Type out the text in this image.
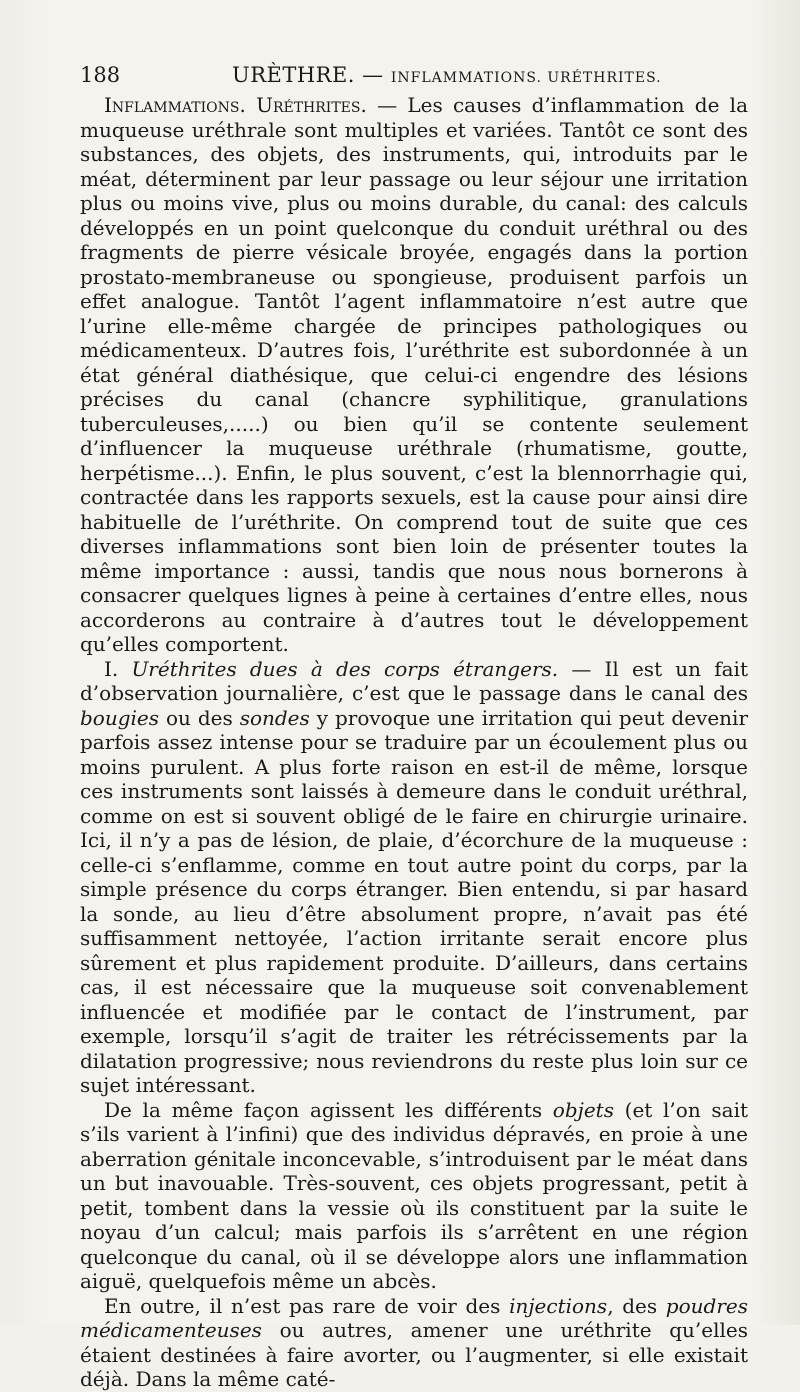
188	URÈTHRE. — INFLAMMATIONS. URÉTHRITES.

Inflammations. Uréthrites. — Les causes d’inflammation de la muqueuse uréthrale sont multiples et variées. Tantôt ce sont des substances, des objets, des instruments, qui, introduits par le méat, déterminent par leur passage ou leur séjour une irritation plus ou moins vive, plus ou moins durable, du canal: des calculs développés en un point quelconque du conduit uréthral ou des fragments de pierre vésicale broyée, engagés dans la portion prostato-membraneuse ou spongieuse, produisent parfois un effet analogue. Tantôt l’agent inflammatoire n’est autre que l’urine elle-même chargée de principes pathologiques ou médicamenteux. D’autres fois, l’uréthrite est subordonnée à un état général diathésique, que celui-ci engendre des lésions précises du canal (chancre syphilitique, granulations tuberculeuses,.....) ou bien qu’il se contente seulement d’influencer la muqueuse uréthrale (rhumatisme, goutte, herpétisme...). Enfin, le plus souvent, c’est la blennorrhagie qui, contractée dans les rapports sexuels, est la cause pour ainsi dire habituelle de l’uréthrite. On comprend tout de suite que ces diverses inflammations sont bien loin de présenter toutes la même importance : aussi, tandis que nous nous bornerons à consacrer quelques lignes à peine à certaines d’entre elles, nous accorderons au contraire à d’autres tout le développement qu’elles comportent.

I. Uréthrites dues à des corps étrangers. — Il est un fait d’observation journalière, c’est que le passage dans le canal des bougies ou des sondes y provoque une irritation qui peut devenir parfois assez intense pour se traduire par un écoulement plus ou moins purulent. A plus forte raison en est-il de même, lorsque ces instruments sont laissés à demeure dans le conduit uréthral, comme on est si souvent obligé de le faire en chirurgie urinaire. Ici, il n’y a pas de lésion, de plaie, d’écorchure de la muqueuse : celle-ci s’enflamme, comme en tout autre point du corps, par la simple présence du corps étranger. Bien entendu, si par hasard la sonde, au lieu d’être absolument propre, n’avait pas été suffisamment nettoyée, l’action irritante serait encore plus sûrement et plus rapidement produite. D’ailleurs, dans certains cas, il est nécessaire que la muqueuse soit convenablement influencée et modifiée par le contact de l’instrument, par exemple, lorsqu’il s’agit de traiter les rétrécissements par la dilatation progressive; nous reviendrons du reste plus loin sur ce sujet intéressant.

De la même façon agissent les différents objets (et l’on sait s’ils varient à l’infini) que des individus dépravés, en proie à une aberration génitale inconcevable, s’introduisent par le méat dans un but inavouable. Très-souvent, ces objets progressant, petit à petit, tombent dans la vessie où ils constituent par la suite le noyau d’un calcul; mais parfois ils s’arrêtent en une région quelconque du canal, où il se développe alors une inflammation aiguë, quelquefois même un abcès.

En outre, il n’est pas rare de voir des injections, des poudres médicamenteuses ou autres, amener une uréthrite qu’elles étaient destinées à faire avorter, ou l’augmenter, si elle existait déjà. Dans la même caté-
